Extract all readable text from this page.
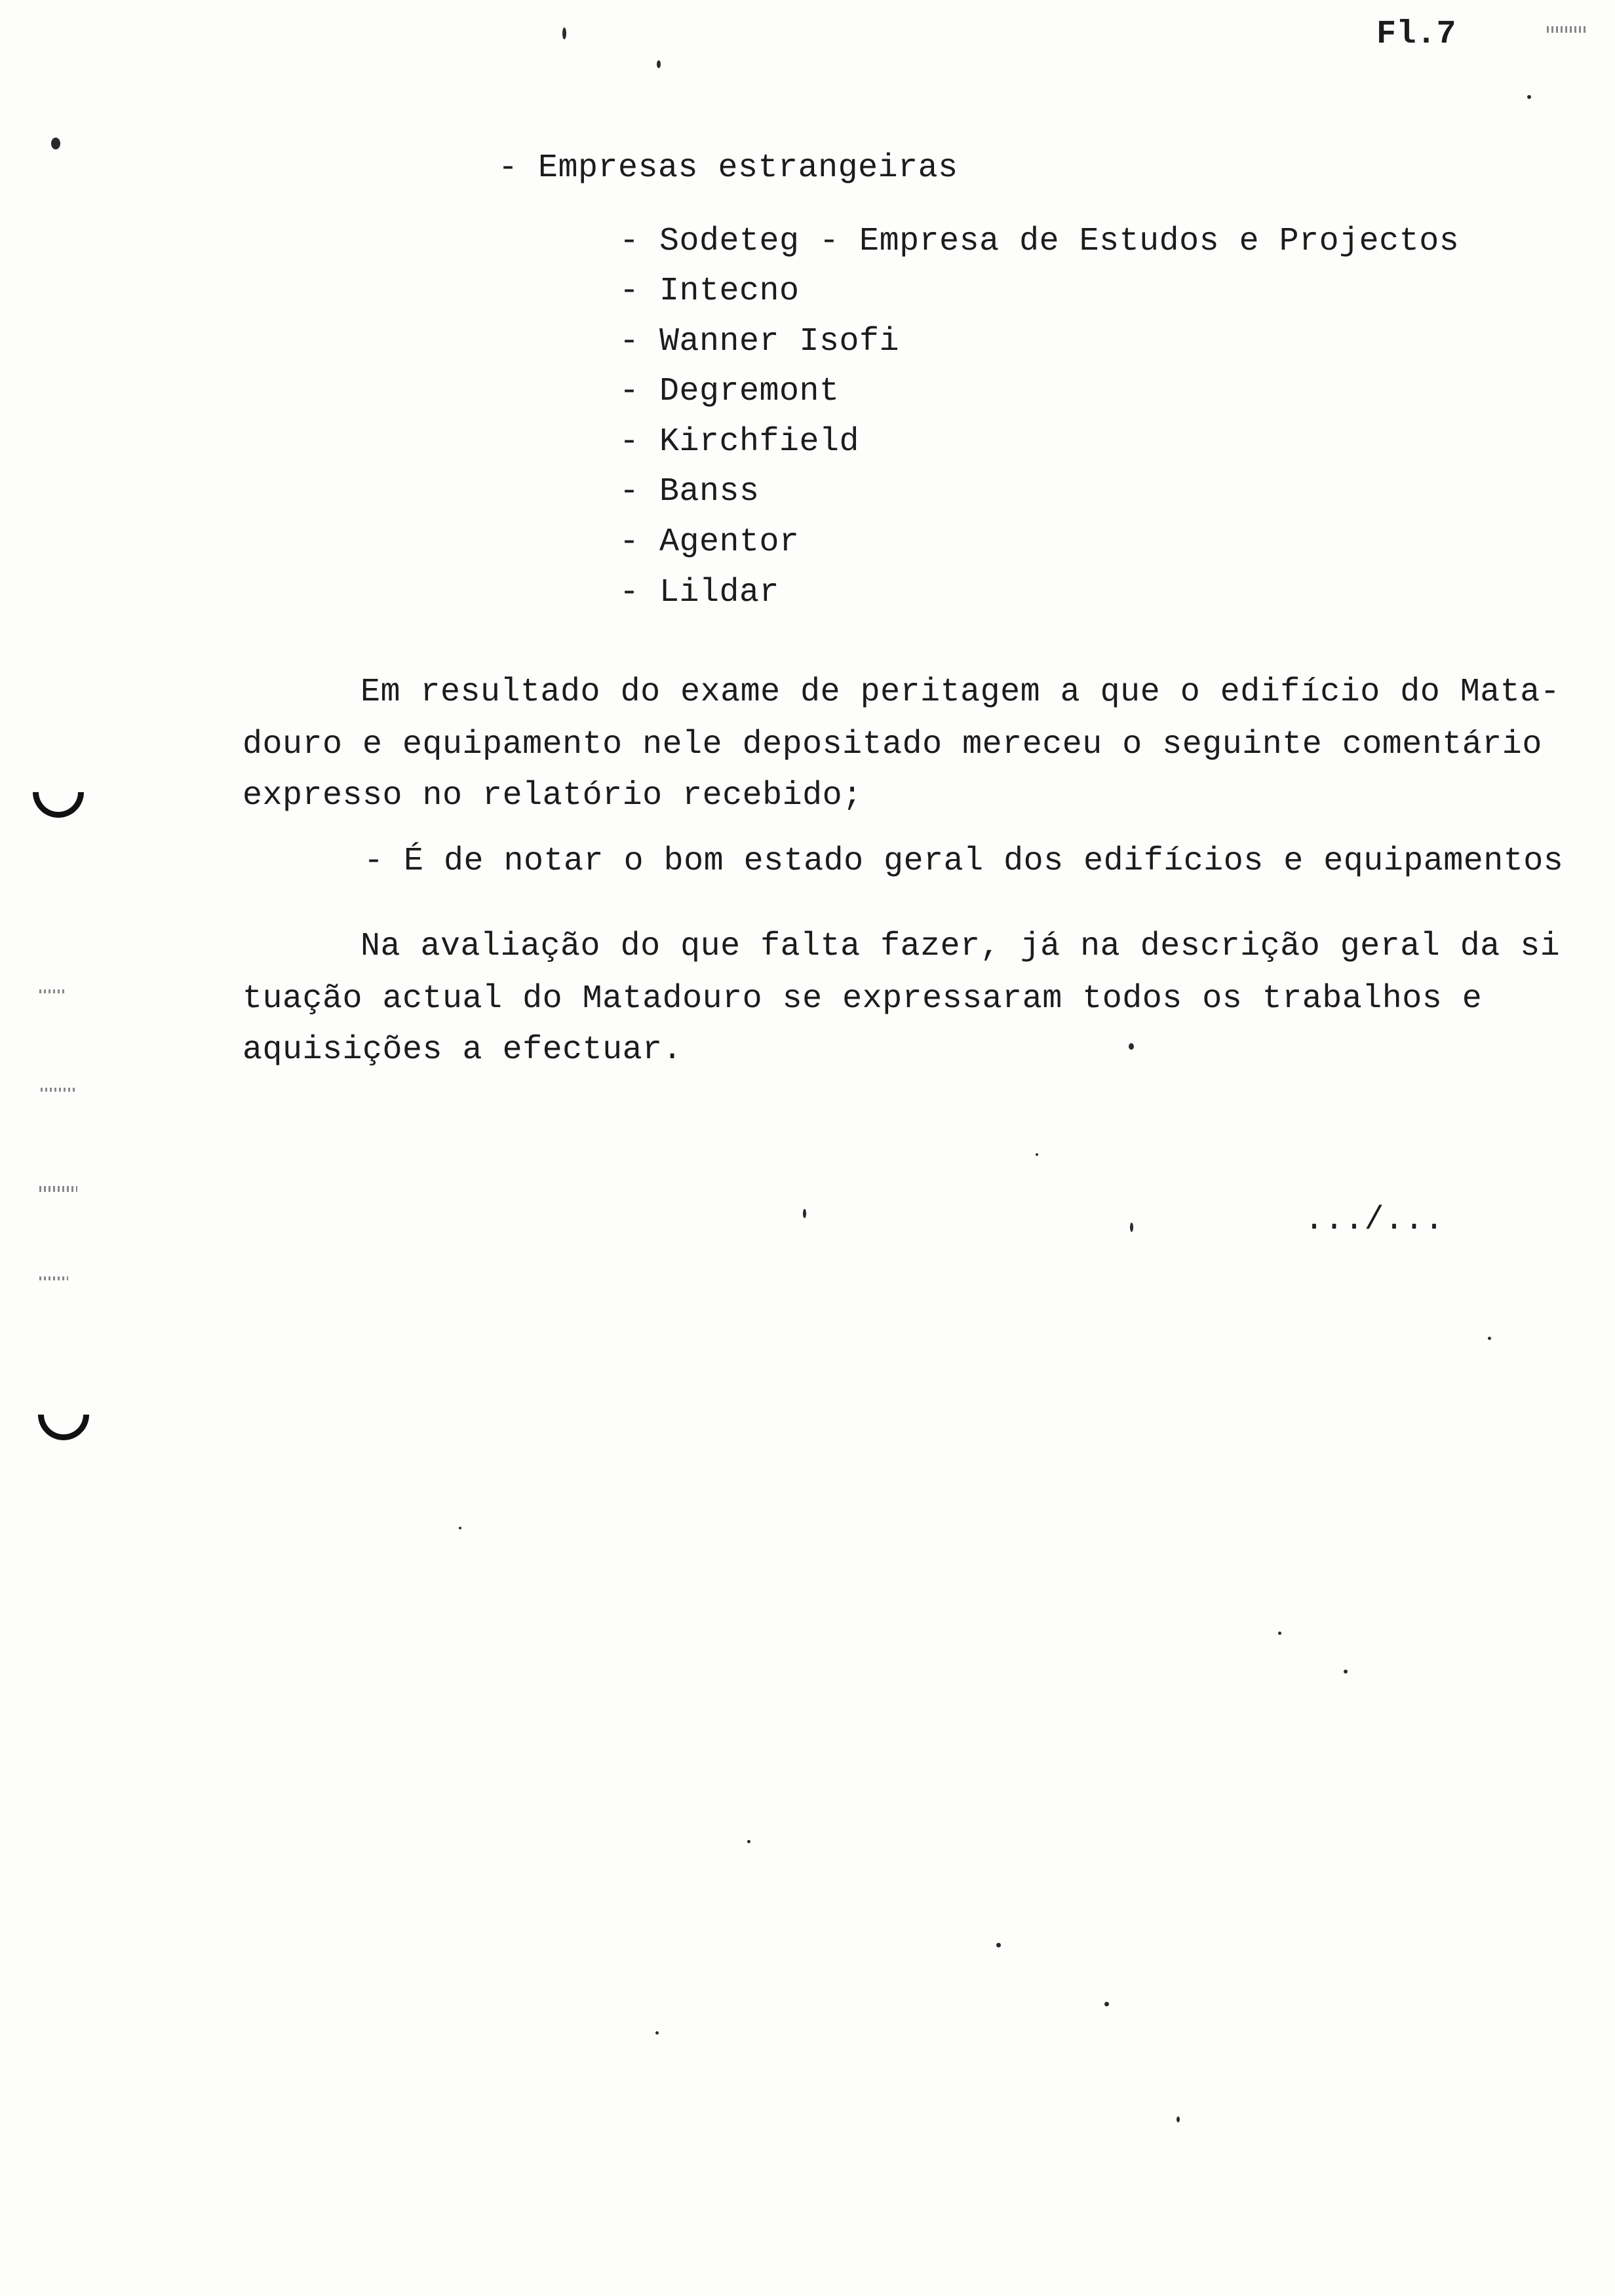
Fl.7
- Empresas estrangeiras
- Sodeteg - Empresa de Estudos e Projectos
- Intecno
- Wanner Isofi
- Degremont
- Kirchfield
- Banss
- Agentor
- Lildar
Em resultado do exame de peritagem a que o edifício do Mata-
douro e equipamento nele depositado mereceu o seguinte comentário
expresso no relatório recebido;
- É de notar o bom estado geral dos edifícios e equipamentos
Na avaliação do que falta fazer, já na descrição geral da si
tuação actual do Matadouro se expressaram todos os trabalhos e
aquisições a efectuar.
.../...
